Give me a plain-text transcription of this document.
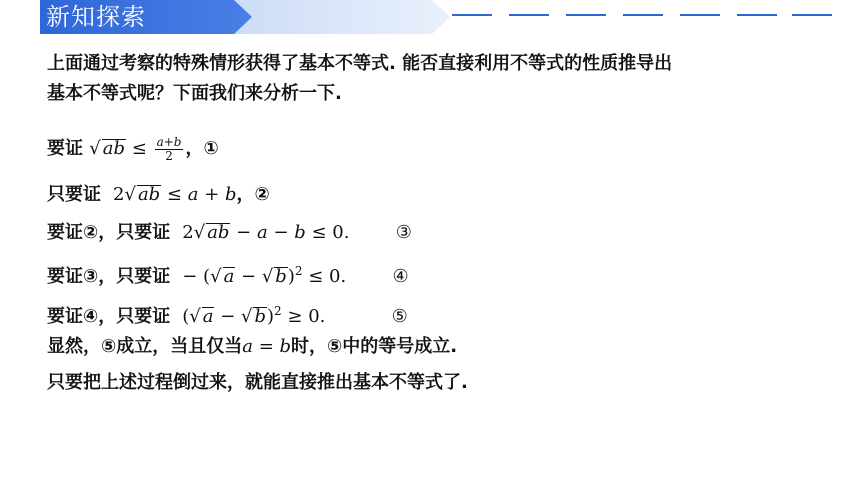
新知探索
上面通过考察的特殊情形获得了基本不等式. 能否直接利用不等式的性质推导出
基本不等式呢？下面我们来分析一下.
要证 √ ab ≤ $\frac{a+b}{2}$ ，①
只要证  2√ ab ≤ a + b，②
要证②，只要证  2√ ab − a − b ≤ 0.	③
要证③，只要证  − (√ a − √ b)$^2$ ≤ 0.	④
要证④，只要证  (√ a − √ b)$^2$ ≥ 0.	⑤
显然，⑤成立，当且仅当a = b时，⑤中的等号成立.
只要把上述过程倒过来，就能直接推出基本不等式了.
